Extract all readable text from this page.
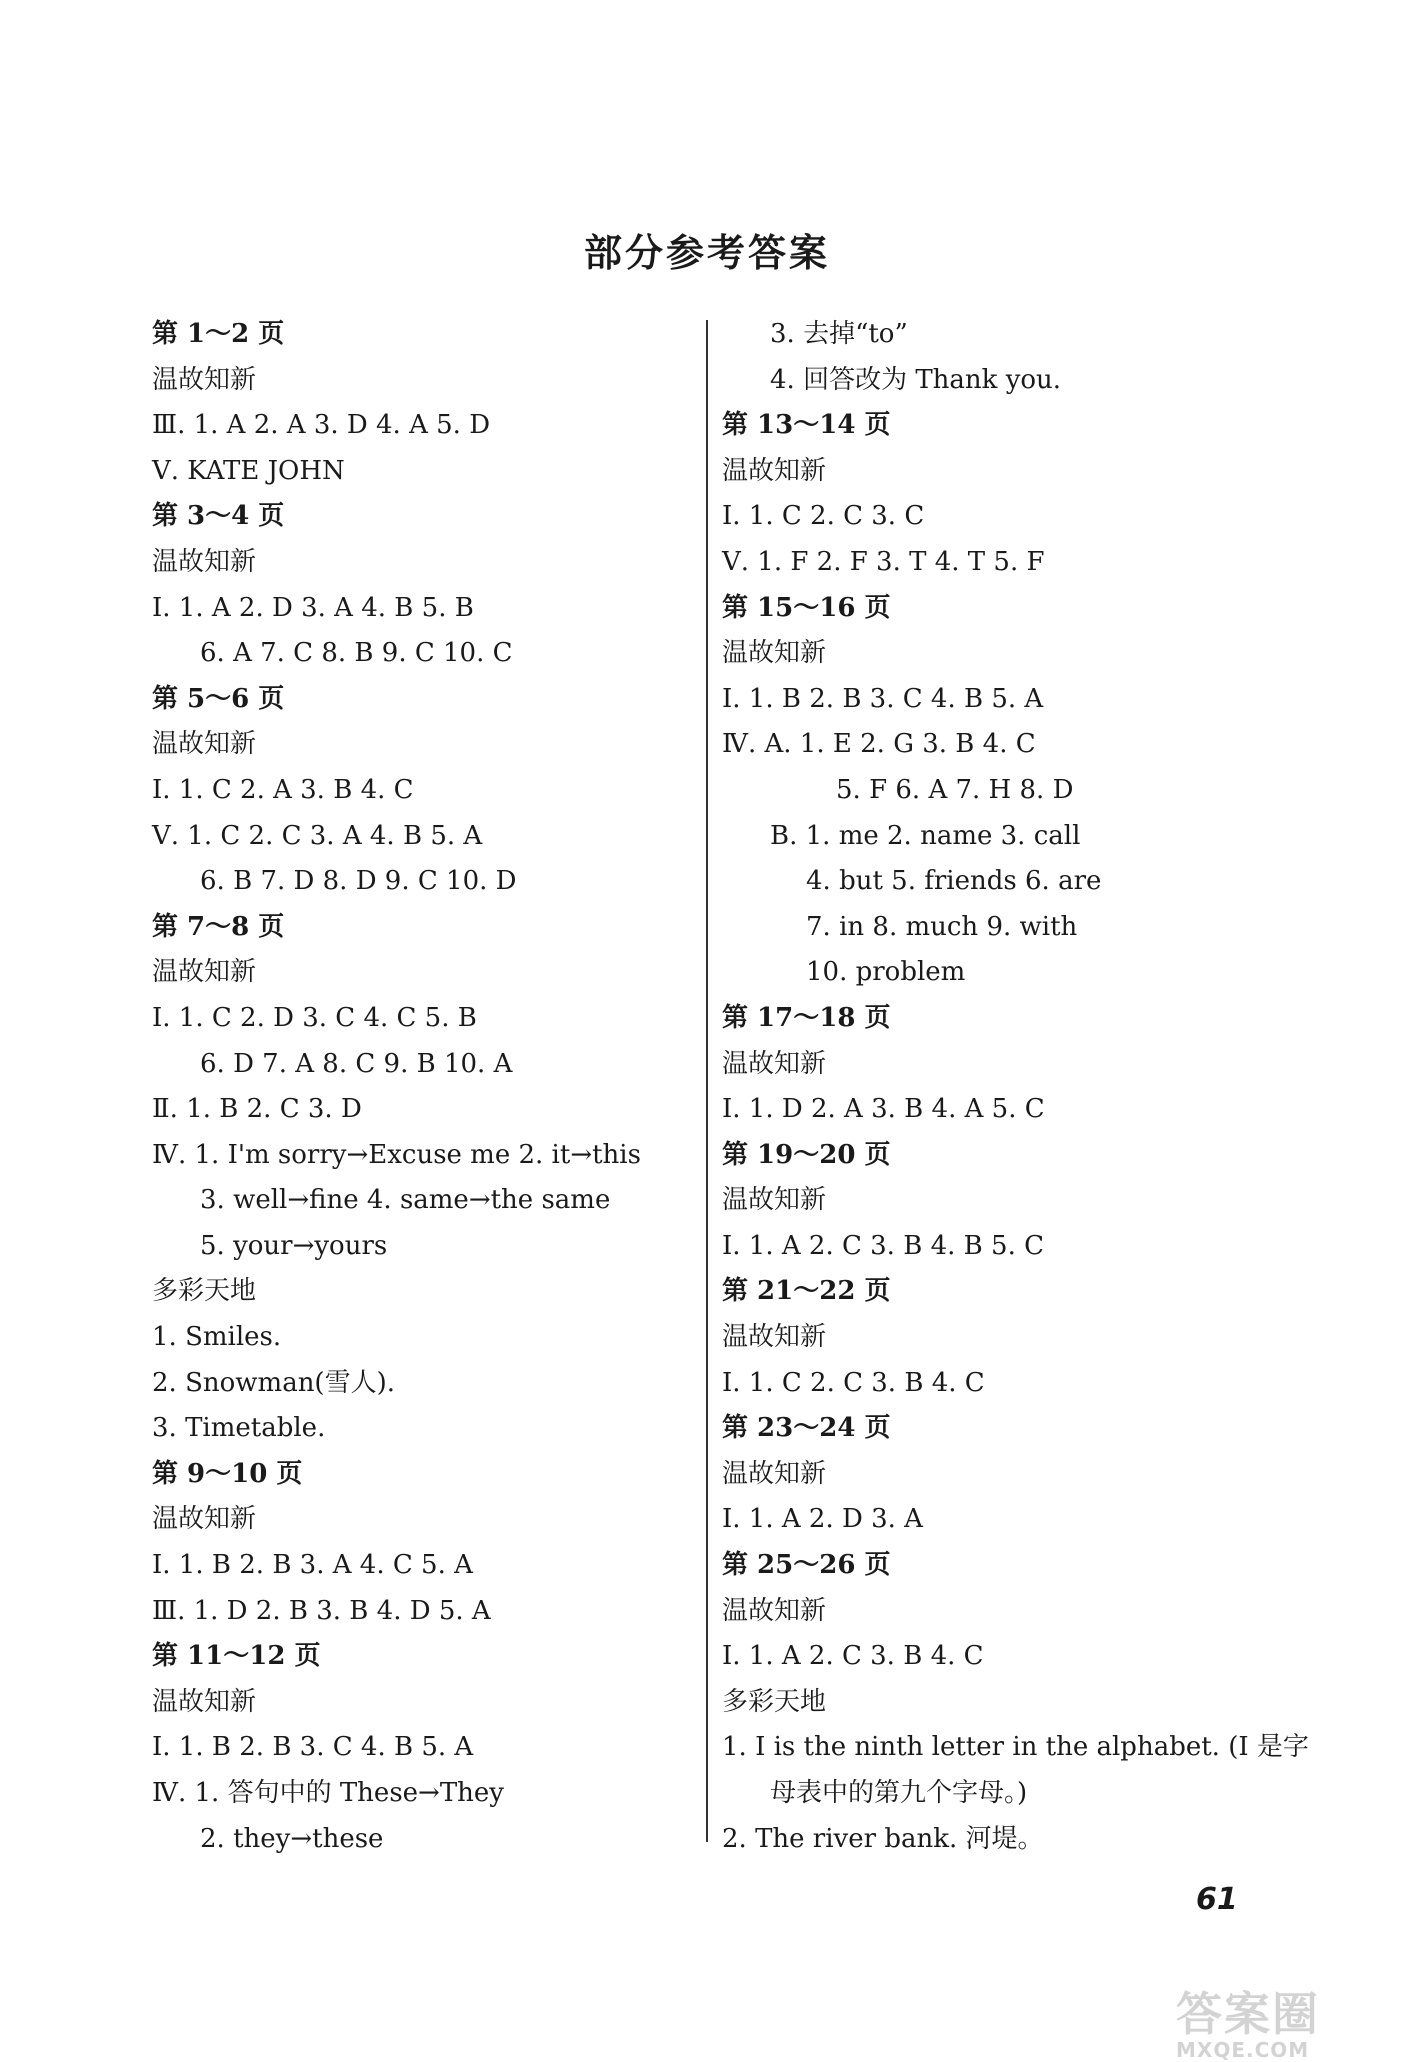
部分参考答案
第 1～2 页
温故知新
Ⅲ. 1. A 2. A 3. D 4. A 5. D
Ⅴ. KATE JOHN
第 3～4 页
温故知新
Ⅰ. 1. A 2. D 3. A 4. B 5. B
6. A 7. C 8. B 9. C 10. C
第 5～6 页
温故知新
Ⅰ. 1. C 2. A 3. B 4. C
Ⅴ. 1. C 2. C 3. A 4. B 5. A
6. B 7. D 8. D 9. C 10. D
第 7～8 页
温故知新
Ⅰ. 1. C 2. D 3. C 4. C 5. B
6. D 7. A 8. C 9. B 10. A
Ⅱ. 1. B 2. C 3. D
Ⅳ. 1. I'm sorry→Excuse me 2. it→this
3. well→fine 4. same→the same
5. your→yours
多彩天地
1. Smiles.
2. Snowman(雪人).
3. Timetable.
第 9～10 页
温故知新
Ⅰ. 1. B 2. B 3. A 4. C 5. A
Ⅲ. 1. D 2. B 3. B 4. D 5. A
第 11～12 页
温故知新
Ⅰ. 1. B 2. B 3. C 4. B 5. A
Ⅳ. 1. 答句中的 These→They
2. they→these
3. 去掉“to”
4. 回答改为 Thank you.
第 13～14 页
温故知新
Ⅰ. 1. C 2. C 3. C
Ⅴ. 1. F 2. F 3. T 4. T 5. F
第 15～16 页
温故知新
Ⅰ. 1. B 2. B 3. C 4. B 5. A
Ⅳ. A. 1. E 2. G 3. B 4. C
5. F 6. A 7. H 8. D
B. 1. me 2. name 3. call
4. but 5. friends 6. are
7. in 8. much 9. with
10. problem
第 17～18 页
温故知新
Ⅰ. 1. D 2. A 3. B 4. A 5. C
第 19～20 页
温故知新
Ⅰ. 1. A 2. C 3. B 4. B 5. C
第 21～22 页
温故知新
Ⅰ. 1. C 2. C 3. B 4. C
第 23～24 页
温故知新
Ⅰ. 1. A 2. D 3. A
第 25～26 页
温故知新
Ⅰ. 1. A 2. C 3. B 4. C
多彩天地
1. I is the ninth letter in the alphabet. (I 是字
母表中的第九个字母。)
2. The river bank. 河堤。
61
答案圈
MXQE.COM
